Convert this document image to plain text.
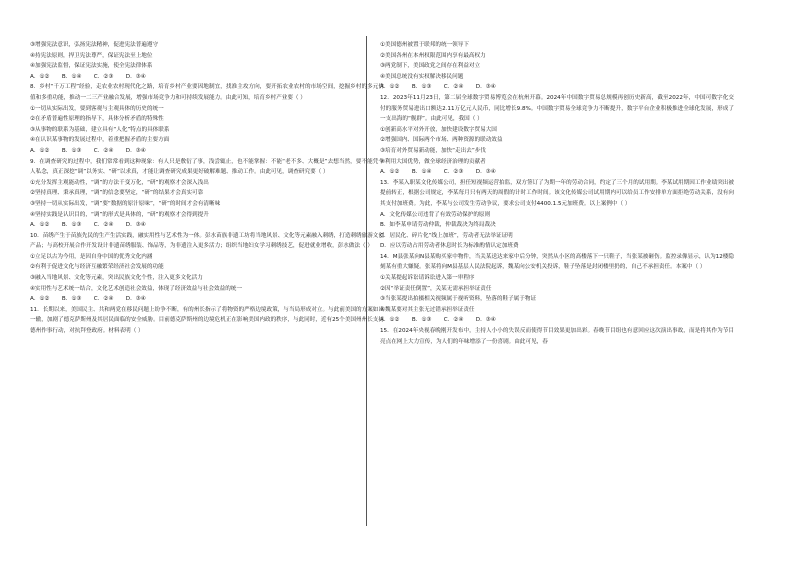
③增强宪法意识，弘扬宪法精神，促进宪法普遍遵守
④持宪法原则，捍卫宪法尊严，保证宪法至上地位
④加强宪法监督，保证宪法实施，使全宪法律体系
A．①②       B．①④       C．②③       D．③④
8．乡村“千万工程”经验，走农业农村现代化之路，培育乡村产业要因地制宜，找准主攻方向，要开拓农业农村的市场空间，挖掘乡村的多元价值和多重功能，推动一二三产业融合发展，增强市场竞争力和可持续发展能力。由此可知，培育乡村产业要（ ）
①一切从实际出发，要到客观与主观具体的历史的统一
②在矛盾普遍性原理的指导下，具体分析矛盾的特殊性
③从事物的联系为基础，建立具有“人化”特点的具体联系
④在认识某事物的发展过程中，着重把握矛盾的主要方面
A．①②       B．①③       C．②④       D．③④
9．在调查研究的过程中，我们常常看到这种现象：有人只是敷衍了事，浅尝辄止，也不能掌握：不能“老不多、大概是”去想当然，要不能凭个人私念，真正深挖“调”以务实、“研”以求真，才能让调查研究成果更好破解难题、推动工作。由此可见，调查研究要（ ）
①充分发挥主观能动性，“调”的方法千变万化，“研”的观察才会深入浅出
②坚持真理、秉承真理，“调”的信念要坚定，“研”的结果才会真实可靠
③坚持一切从实际出发，“调”要“数据的原汁原味”，“研”的时间才会有清晰味
④坚持实践是认识目的，“调”的形式是具体的，“研”的观察才会得到提升
A．①②       B．①③       C．②④       D．③④
10．苗绣产生于苗族先民的生产生活实践，融实用性与艺术性为一体。彭水苗族非遗工坊将当地风景、文化等元素融入刺绣，打造刺绣旅游文创产品；与高校开展合作开发设计非遗苗绣服装、饰品等，为非遗注入更多活力；组织当地妇女学习刺绣技艺，促进就业增收，彭水做法（ ）
①立足以古为今用，是因自身中国的优秀文化内涵
②有利于促进文化与经济互融繁荣经济社会发展的功能
③融入当地风景、文化等元素，突出民族文化个性，注入更多文化活力
④实用性与艺术统一结合，文化艺术创造社会效益，体现了经济效益与社会效益的统一
A．①②       B．①③       C．②④       D．③④
11．长期以来，美国民主、共和两党在移民问题上纷争不断，有的州长指示了将物资的严格边境政策，与当局形成对立。与此前美国的方案如出一辙，加剧了德克萨斯州及其居民面临的安全威胁。目前德克萨斯州的边境危机正在影响美国内政的秩序，与此同时，近有25个美国州州长支持德州作事行动，对抗拜登政府。材料表明（ ）
①美国德州被置于联邦的统一领导下
②美国各州在本州权限范围内享有最高权力
③两党制下，美国政党之间存在利益对立
④美国总统没有实权解决移民问题
A．①②       B．①③       C．②④       D．③④
12．2023年11月23日，第二届全球数字贸易博览会在杭州开幕。2024年中国数字贸易总规模再创历史新高，截至2022年，中国可数字化交付的服务贸易进出口额达2.11万亿元人民币，同比增长9.8%。中国数字贸易全球竞争力不断提升，数字平台企业积极推进全球化发展，形成了一支出海的“舰群”。由此可见，我国（ ）
①创新高水平对外开放，加快建设数字贸易大国
②增强国内、国际两个市场、两种资源的联动效益
③培育对外贸易新动能，加快“走出去”步伐
④利用大国优势，做全球经济治理的贡献者
A．①②       B．①④       C．②③       D．③④
13．李某入职某文化传媒公司，担任短视频运营拍监，双方签订了为期一年的劳动合同，约定了三个月的试用期。李某试用期因工作业绩突出被提前转正，根据公司规定，李某每月只有两天的周假的计时工作时间。该文化传媒公司试用期内可以给员工作安排单方面拒绝劳动关系，没有向其支付加班费。为此，李某与公司发生劳动争议，要求公司支付4400.1.5元加班费。以上案例中（ ）
A．文化传媒公司违背了有效劳动保护的原则
B．如李某申请劳动仲裁，仲裁裁决为终局裁决
C．居民化、碎片化“线上加班”，劳动者无法举证证明
D．应以劳动占用劳动者休息时长为标准酌情认定加班费
14．M县张某向N县某购买家中物件，当关某送达来家中后分钟，突然从小区的高楼落下一只鞋子，当张某被砸伤。监控录像显示，认为12楼隐刻某有重大嫌疑。张某将向M县基层人民法院起诉，魏某向公安机关投诉，鞋子坠落是封闭楼里扔的，自己不承担责任。本案中（ ）
①关某提起诉讼请诉讼进入第一审程序
②因“举证责任倒置”，关某无需承担举证责任
③当张某提出拍摄相关视频属于视听资料，坠落的鞋子属于物证
④魏某要对其主张无过错承担举证责任
A．①②       B．①③       C．②④       D．③④
15．在2024年央视春晚刚开发布中，主持人小小的失误反而使得节目效果更加出彩。春晚节目组也有意回应这次演出事故，而是将其作为节目亮点在网上大力宣传，为人们的年味增添了一份喜剧。由此可见，春
